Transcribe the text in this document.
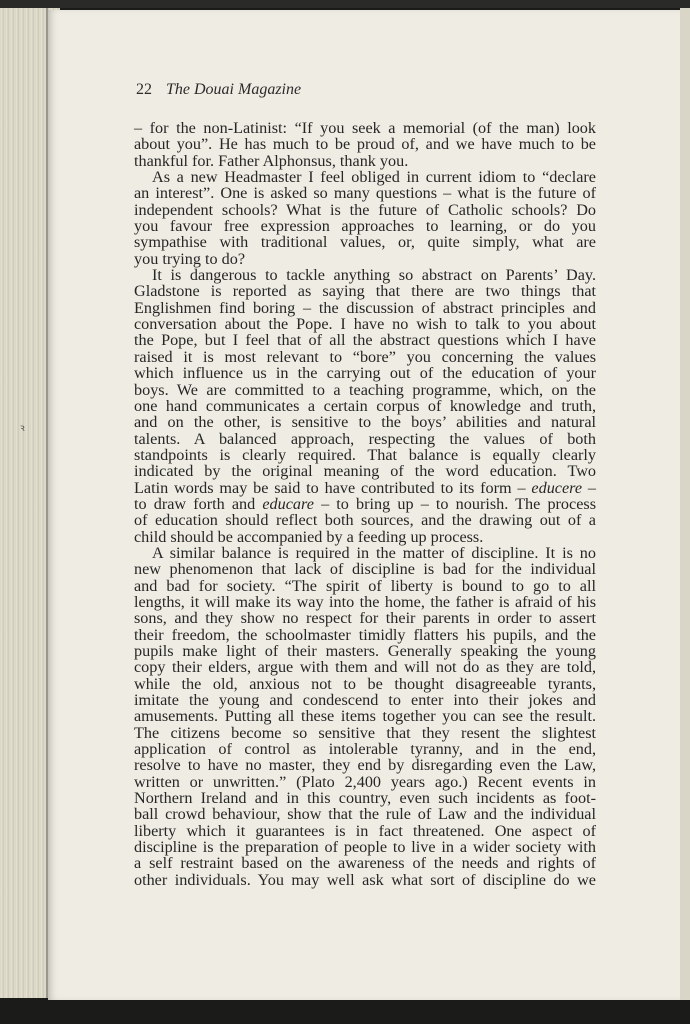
22 The Douai Magazine
– for the non-Latinist: “If you seek a memorial (of the man) look
about you”. He has much to be proud of, and we have much to be
thankful for. Father Alphonsus, thank you.
As a new Headmaster I feel obliged in current idiom to “declare
an interest”. One is asked so many questions – what is the future of
independent schools? What is the future of Catholic schools? Do
you favour free expression approaches to learning, or do you
sympathise with traditional values, or, quite simply, what are
you trying to do?
It is dangerous to tackle anything so abstract on Parents’ Day.
Gladstone is reported as saying that there are two things that
Englishmen find boring – the discussion of abstract principles and
conversation about the Pope. I have no wish to talk to you about
the Pope, but I feel that of all the abstract questions which I have
raised it is most relevant to “bore” you concerning the values
which influence us in the carrying out of the education of your
boys. We are committed to a teaching programme, which, on the
one hand communicates a certain corpus of knowledge and truth,
and on the other, is sensitive to the boys’ abilities and natural
talents. A balanced approach, respecting the values of both
standpoints is clearly required. That balance is equally clearly
indicated by the original meaning of the word education. Two
Latin words may be said to have contributed to its form – educere –
to draw forth and educare – to bring up – to nourish. The process
of education should reflect both sources, and the drawing out of a
child should be accompanied by a feeding up process.
A similar balance is required in the matter of discipline. It is no
new phenomenon that lack of discipline is bad for the individual
and bad for society. “The spirit of liberty is bound to go to all
lengths, it will make its way into the home, the father is afraid of his
sons, and they show no respect for their parents in order to assert
their freedom, the schoolmaster timidly flatters his pupils, and the
pupils make light of their masters. Generally speaking the young
copy their elders, argue with them and will not do as they are told,
while the old, anxious not to be thought disagreeable tyrants,
imitate the young and condescend to enter into their jokes and
amusements. Putting all these items together you can see the result.
The citizens become so sensitive that they resent the slightest
application of control as intolerable tyranny, and in the end,
resolve to have no master, they end by disregarding even the Law,
written or unwritten.” (Plato 2,400 years ago.) Recent events in
Northern Ireland and in this country, even such incidents as foot-
ball crowd behaviour, show that the rule of Law and the individual
liberty which it guarantees is in fact threatened. One aspect of
discipline is the preparation of people to live in a wider society with
a self restraint based on the awareness of the needs and rights of
other individuals. You may well ask what sort of discipline do we
